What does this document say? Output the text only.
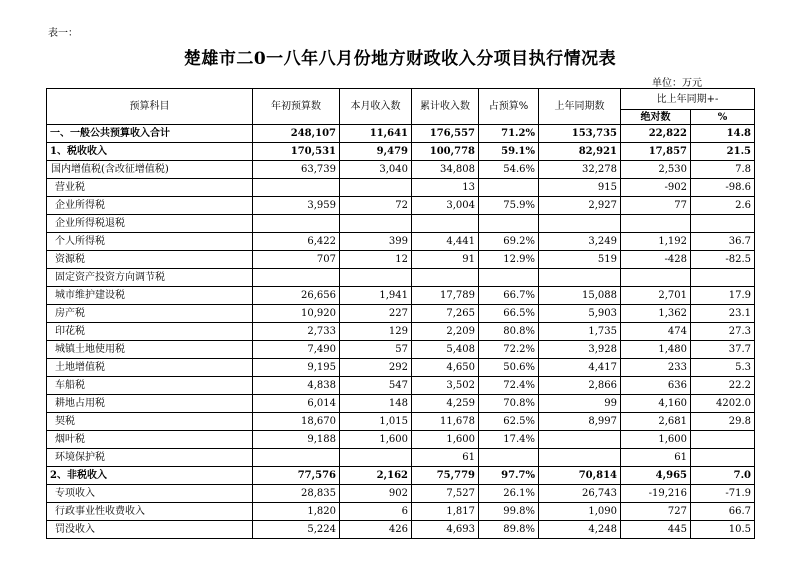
表一：
楚雄市二0一八年八月份地方财政收入分项目执行情况表
单位：万元
预算科目	年初预算数	本月收入数	累计收入数	占预算%	上年同期数	比上年同期+-	
						绝对数	%
一、一般公共预算收入合计	248,107	11,641	176,557	71.2%	153,735	22,822	14.8
1、税收收入	170,531	9,479	100,778	59.1%	82,921	17,857	21.5
国内增值税(含改征增值税)	63,739	3,040	34,808	54.6%	32,278	2,530	7.8
营业税			13		915	-902	-98.6
企业所得税	3,959	72	3,004	75.9%	2,927	77	2.6
企业所得税退税							
个人所得税	6,422	399	4,441	69.2%	3,249	1,192	36.7
资源税	707	12	91	12.9%	519	-428	-82.5
固定资产投资方向调节税							
城市维护建设税	26,656	1,941	17,789	66.7%	15,088	2,701	17.9
房产税	10,920	227	7,265	66.5%	5,903	1,362	23.1
印花税	2,733	129	2,209	80.8%	1,735	474	27.3
城镇土地使用税	7,490	57	5,408	72.2%	3,928	1,480	37.7
土地增值税	9,195	292	4,650	50.6%	4,417	233	5.3
车船税	4,838	547	3,502	72.4%	2,866	636	22.2
耕地占用税	6,014	148	4,259	70.8%	99	4,160	4202.0
契税	18,670	1,015	11,678	62.5%	8,997	2,681	29.8
烟叶税	9,188	1,600	1,600	17.4%		1,600	
环境保护税			61			61	
2、非税收入	77,576	2,162	75,779	97.7%	70,814	4,965	7.0
专项收入	28,835	902	7,527	26.1%	26,743	-19,216	-71.9
行政事业性收费收入	1,820	6	1,817	99.8%	1,090	727	66.7
罚没收入	5,224	426	4,693	89.8%	4,248	445	10.5
